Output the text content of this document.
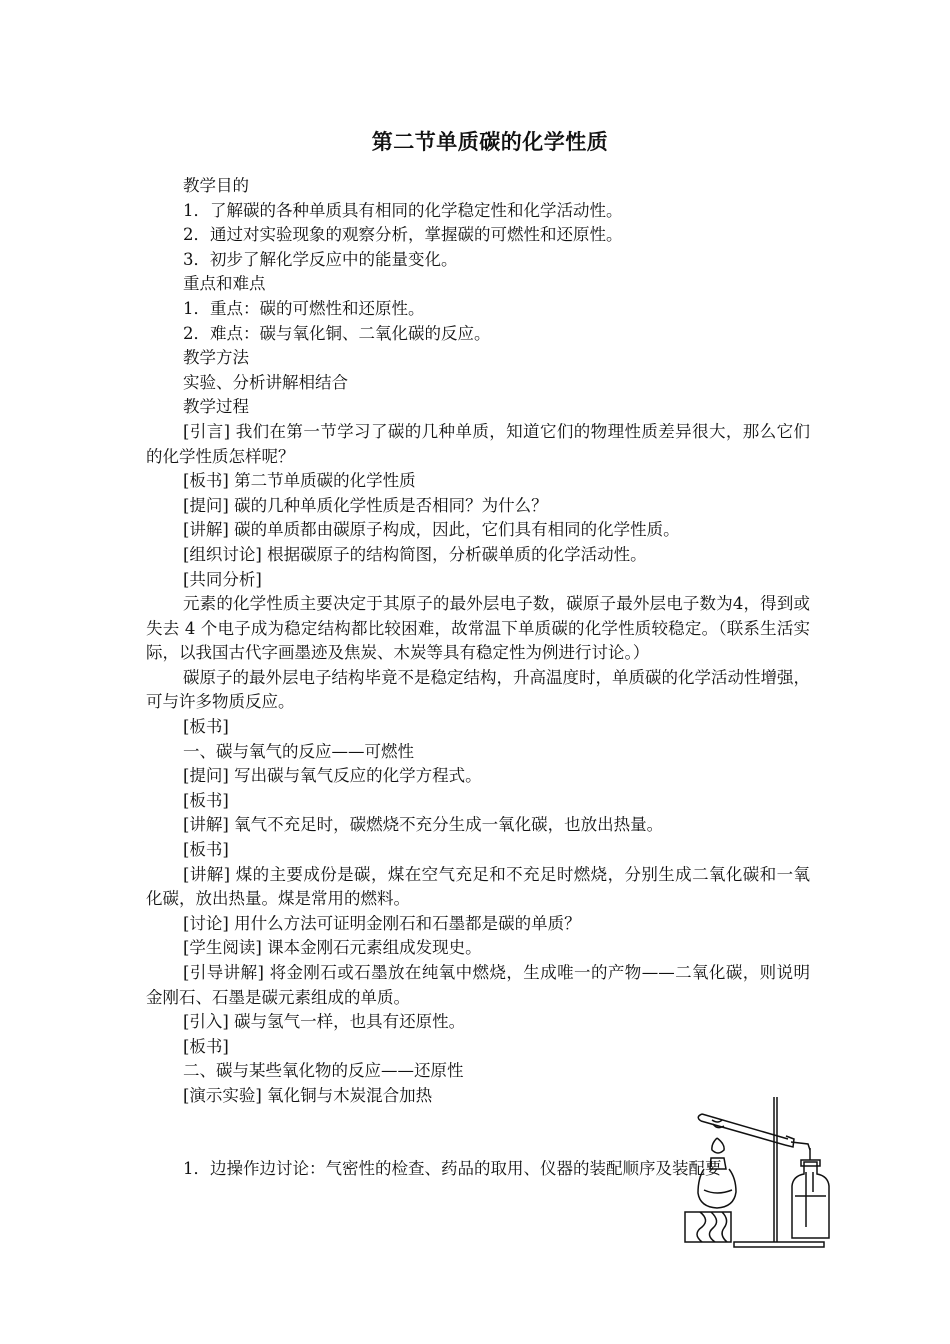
第二节单质碳的化学性质

教学目的

1．了解碳的各种单质具有相同的化学稳定性和化学活动性。

2．通过对实验现象的观察分析，掌握碳的可燃性和还原性。

3．初步了解化学反应中的能量变化。

重点和难点

1．重点：碳的可燃性和还原性。

2．难点：碳与氧化铜、二氧化碳的反应。

教学方法

实验、分析讲解相结合

教学过程

[引言] 我们在第一节学习了碳的几种单质，知道它们的物理性质差异很大，那么它们的化学性质怎样呢？

[板书] 第二节单质碳的化学性质

[提问] 碳的几种单质化学性质是否相同？为什么？

[讲解] 碳的单质都由碳原子构成，因此，它们具有相同的化学性质。

[组织讨论] 根据碳原子的结构简图，分析碳单质的化学活动性。

[共同分析]

元素的化学性质主要决定于其原子的最外层电子数，碳原子最外层电子数为4，得到或失去 4 个电子成为稳定结构都比较困难，故常温下单质碳的化学性质较稳定。（联系生活实际，以我国古代字画墨迹及焦炭、木炭等具有稳定性为例进行讨论。）

碳原子的最外层电子结构毕竟不是稳定结构，升高温度时，单质碳的化学活动性增强，可与许多物质反应。

[板书]

一、碳与氧气的反应——可燃性

[提问] 写出碳与氧气反应的化学方程式。

[板书]

[讲解] 氧气不充足时，碳燃烧不充分生成一氧化碳，也放出热量。

[板书]

[讲解] 煤的主要成份是碳，煤在空气充足和不充足时燃烧，分别生成二氧化碳和一氧化碳，放出热量。煤是常用的燃料。

[讨论] 用什么方法可证明金刚石和石墨都是碳的单质？

[学生阅读] 课本金刚石元素组成发现史。

[引导讲解] 将金刚石或石墨放在纯氧中燃烧，生成唯一的产物——二氧化碳，则说明金刚石、石墨是碳元素组成的单质。

[引入] 碳与氢气一样，也具有还原性。

[板书]

二、碳与某些氧化物的反应——还原性

[演示实验] 氧化铜与木炭混合加热

1．边操作边讨论：气密性的检查、药品的取用、仪器的装配顺序及装配要
